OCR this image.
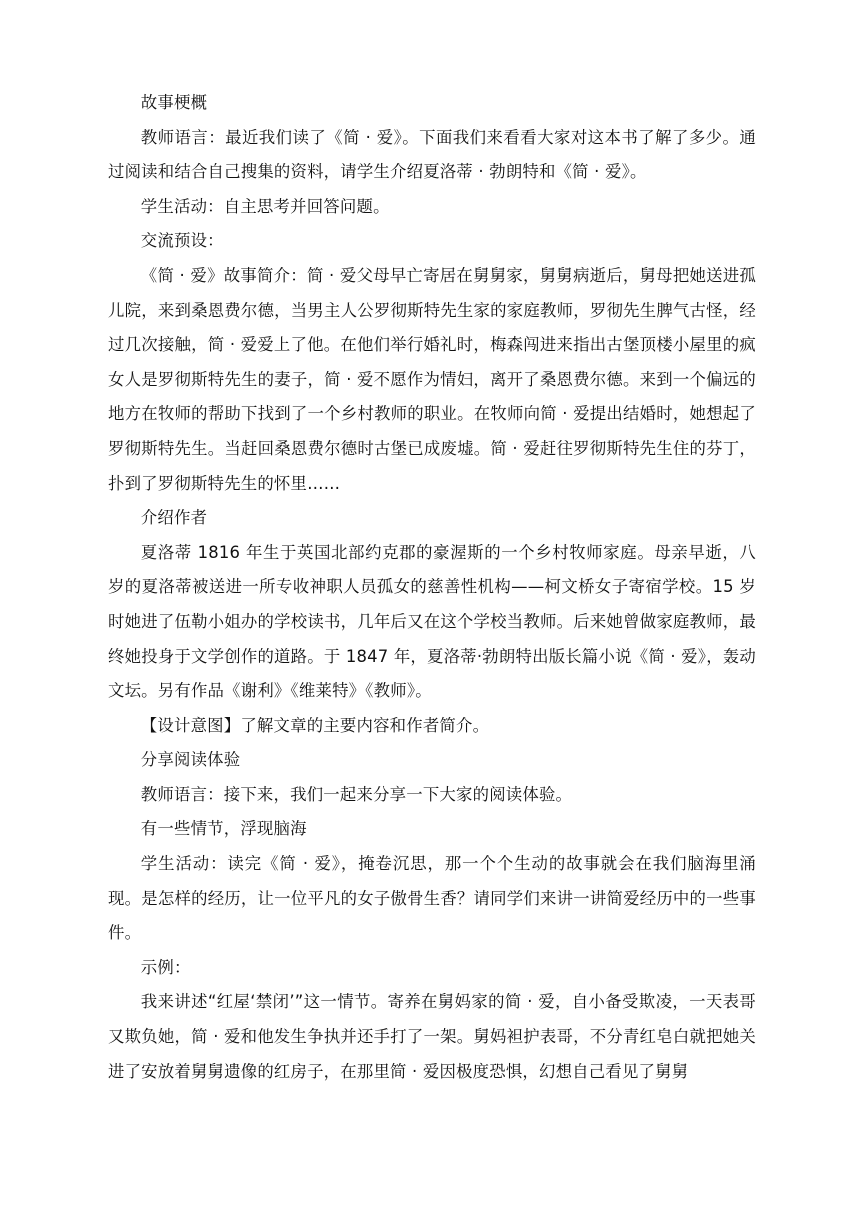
故事梗概

教师语言：最近我们读了《简 · 爱》。下面我们来看看大家对这本书了解了多少。通过阅读和结合自己搜集的资料，请学生介绍夏洛蒂 · 勃朗特和《简 · 爱》。

学生活动：自主思考并回答问题。

交流预设：

《简 · 爱》故事简介：简 · 爱父母早亡寄居在舅舅家，舅舅病逝后，舅母把她送进孤儿院，来到桑恩费尔德，当男主人公罗彻斯特先生家的家庭教师，罗彻先生脾气古怪，经过几次接触，简 · 爱爱上了他。在他们举行婚礼时，梅森闯进来指出古堡顶楼小屋里的疯女人是罗彻斯特先生的妻子，简 · 爱不愿作为情妇，离开了桑恩费尔德。来到一个偏远的地方在牧师的帮助下找到了一个乡村教师的职业。在牧师向简 · 爱提出结婚时，她想起了罗彻斯特先生。当赶回桑恩费尔德时古堡已成废墟。简 · 爱赶往罗彻斯特先生住的芬丁，扑到了罗彻斯特先生的怀里……

介绍作者

夏洛蒂 1816 年生于英国北部约克郡的豪渥斯的一个乡村牧师家庭。母亲早逝，八岁的夏洛蒂被送进一所专收神职人员孤女的慈善性机构——柯文桥女子寄宿学校。15 岁时她进了伍勒小姐办的学校读书，几年后又在这个学校当教师。后来她曾做家庭教师，最终她投身于文学创作的道路。于 1847 年，夏洛蒂·勃朗特出版长篇小说《简 · 爱》，轰动文坛。另有作品《谢利》《维莱特》《教师》。

【设计意图】了解文章的主要内容和作者简介。

分享阅读体验

教师语言：接下来，我们一起来分享一下大家的阅读体验。

有一些情节，浮现脑海

学生活动：读完《简 · 爱》，掩卷沉思，那一个个生动的故事就会在我们脑海里涌现。是怎样的经历，让一位平凡的女子傲骨生香？请同学们来讲一讲简爱经历中的一些事件。

示例：

我来讲述“红屋‘禁闭’”这一情节。寄养在舅妈家的简 · 爱，自小备受欺凌，一天表哥又欺负她，简 · 爱和他发生争执并还手打了一架。舅妈袒护表哥，不分青红皂白就把她关进了安放着舅舅遗像的红房子，在那里简 · 爱因极度恐惧，幻想自己看见了舅舅
